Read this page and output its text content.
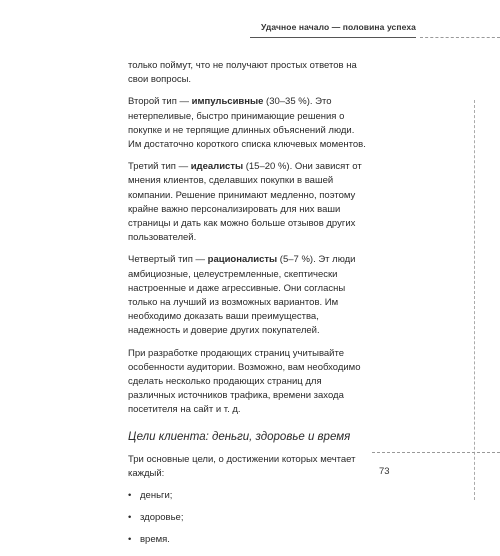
Удачное начало — половина успеха

только поймут, что не получают простых ответов на свои вопросы.

Второй тип — импульсивные (30–35 %). Это нетерпеливые, быстро принимающие решения о покупке и не терпящие длинных объяснений люди. Им достаточно короткого списка ключевых моментов.

Третий тип — идеалисты (15–20 %). Они зависят от мнения клиентов, сделавших покупки в вашей компании. Решение принимают медленно, поэтому крайне важно персонализировать для них ваши страницы и дать как можно больше отзывов других пользователей.

Четвертый тип — рационалисты (5–7 %). Эт люди амбициозные, целеустремленные, скептически настроенные и даже агрессивные. Они согласны только на лучший из возможных вариантов. Им необходимо доказать ваши преимущества, надежность и доверие других покупателей.

При разработке продающих страниц учитывайте особенности аудитории. Возможно, вам необходимо сделать несколько продающих страниц для различных источников трафика, времени захода посетителя на сайт и т. д.

Цели клиента: деньги, здоровье и время

Три основные цели, о достижении которых мечтает каждый:

• деньги;
• здоровье;
• время.
73
